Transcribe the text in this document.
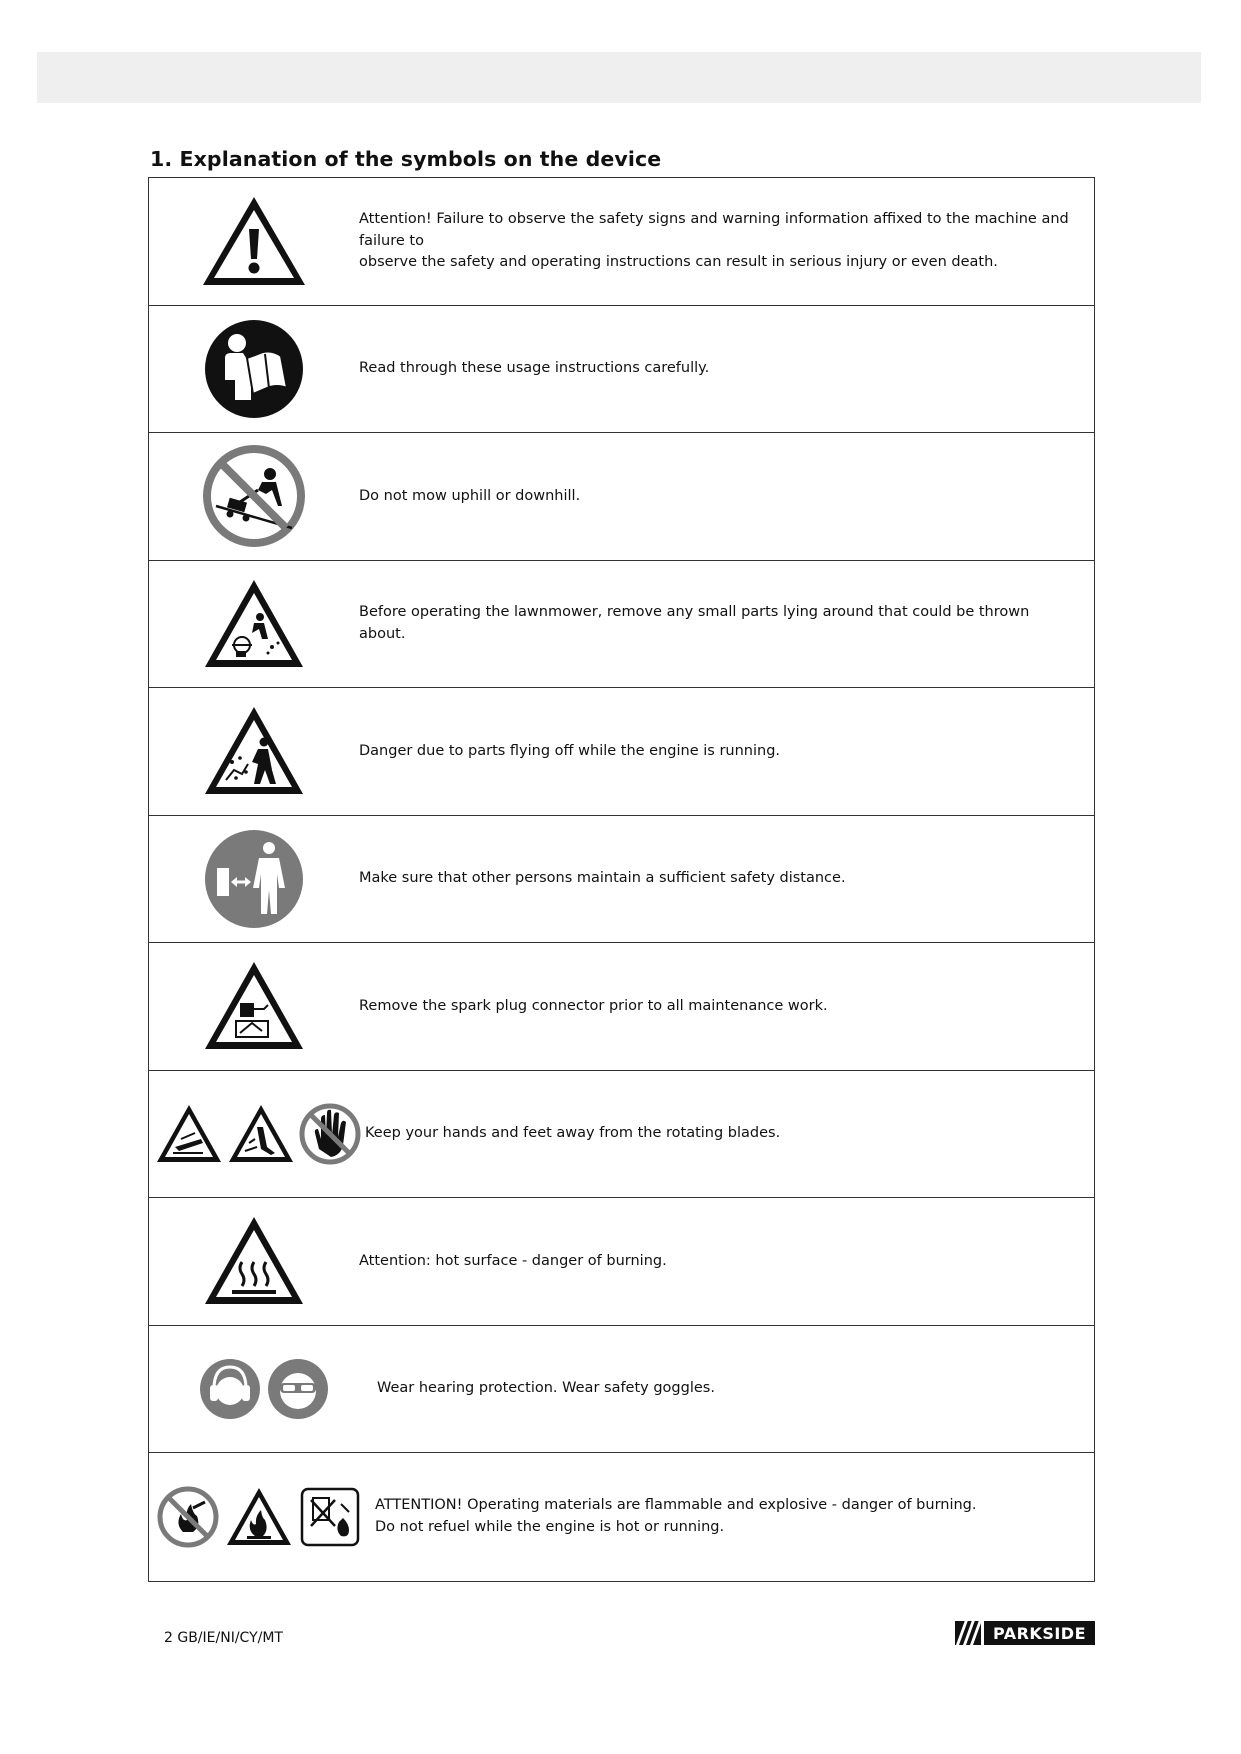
1. Explanation of the symbols on the device
Attention! Failure to observe the safety signs and warning information affixed to the machine and failure to
observe the safety and operating instructions can result in serious injury or even death.
Read through these usage instructions carefully.
Do not mow uphill or downhill.
Before operating the lawnmower, remove any small parts lying around that could be thrown about.
Danger due to parts flying off while the engine is running.
Make sure that other persons maintain a sufficient safety distance.
Remove the spark plug connector prior to all maintenance work.
Keep your hands and feet away from the rotating blades.
Attention: hot surface - danger of burning.
Wear hearing protection. Wear safety goggles.
ATTENTION! Operating materials are flammable and explosive - danger of burning.
Do not refuel while the engine is hot or running.
2 GB/IE/NI/CY/MT	PARKSIDE
